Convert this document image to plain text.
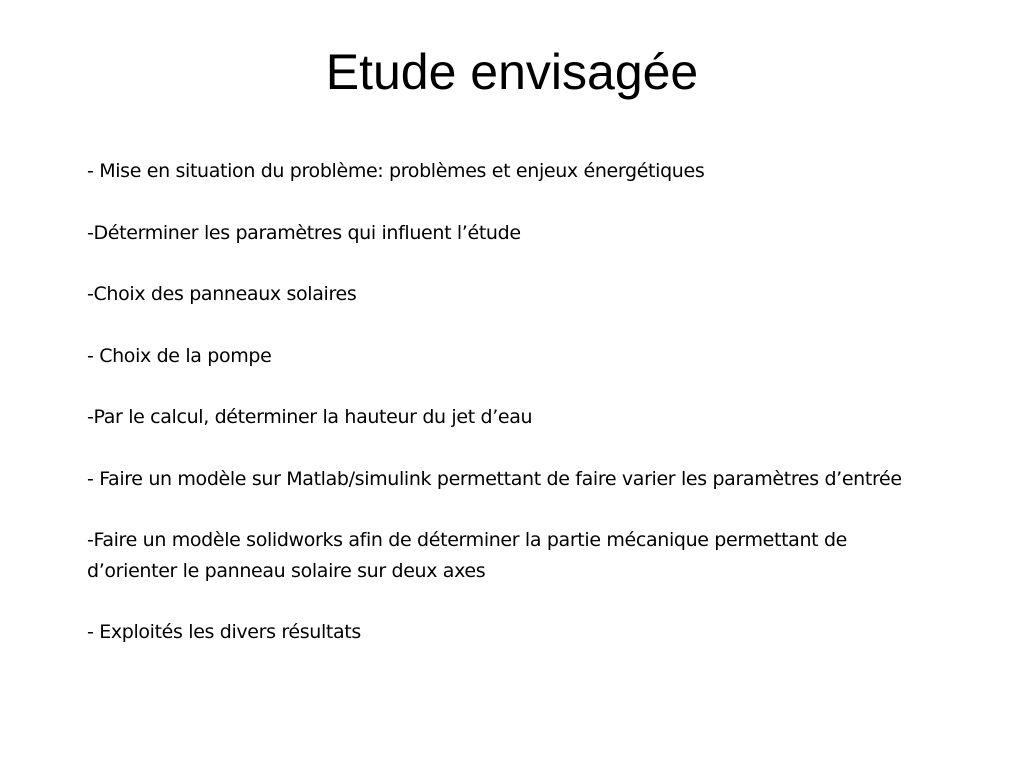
Etude envisagée
- Mise en situation du problème: problèmes et enjeux énergétiques
-Déterminer les paramètres qui influent l’étude
-Choix des panneaux solaires
- Choix de la pompe
-Par le calcul, déterminer la hauteur du jet d’eau
- Faire un modèle sur Matlab/simulink permettant de faire varier les paramètres d’entrée
-Faire un modèle solidworks afin de déterminer la partie mécanique permettant de d’orienter le panneau solaire sur deux axes
- Exploités les divers résultats
